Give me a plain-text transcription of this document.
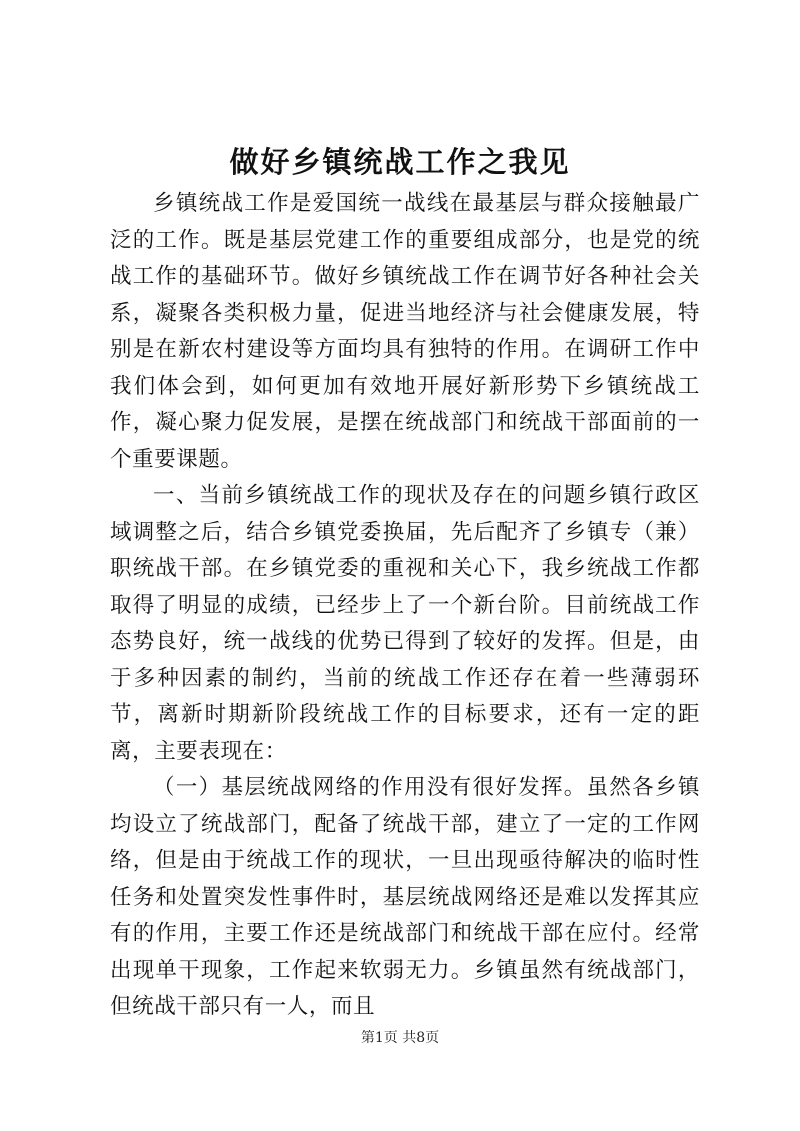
做好乡镇统战工作之我见

乡镇统战工作是爱国统一战线在最基层与群众接触最广泛的工作。既是基层党建工作的重要组成部分，也是党的统战工作的基础环节。做好乡镇统战工作在调节好各种社会关系，凝聚各类积极力量，促进当地经济与社会健康发展，特别是在新农村建设等方面均具有独特的作用。在调研工作中我们体会到，如何更加有效地开展好新形势下乡镇统战工作，凝心聚力促发展，是摆在统战部门和统战干部面前的一个重要课题。

一、当前乡镇统战工作的现状及存在的问题乡镇行政区域调整之后，结合乡镇党委换届，先后配齐了乡镇专（兼）职统战干部。在乡镇党委的重视和关心下，我乡统战工作都取得了明显的成绩，已经步上了一个新台阶。目前统战工作态势良好，统一战线的优势已得到了较好的发挥。但是，由于多种因素的制约，当前的统战工作还存在着一些薄弱环节，离新时期新阶段统战工作的目标要求，还有一定的距离，主要表现在：

（一）基层统战网络的作用没有很好发挥。虽然各乡镇均设立了统战部门，配备了统战干部，建立了一定的工作网络，但是由于统战工作的现状，一旦出现亟待解决的临时性任务和处置突发性事件时，基层统战网络还是难以发挥其应有的作用，主要工作还是统战部门和统战干部在应付。经常出现单干现象，工作起来软弱无力。乡镇虽然有统战部门，但统战干部只有一人，而且

第1页 共8页
